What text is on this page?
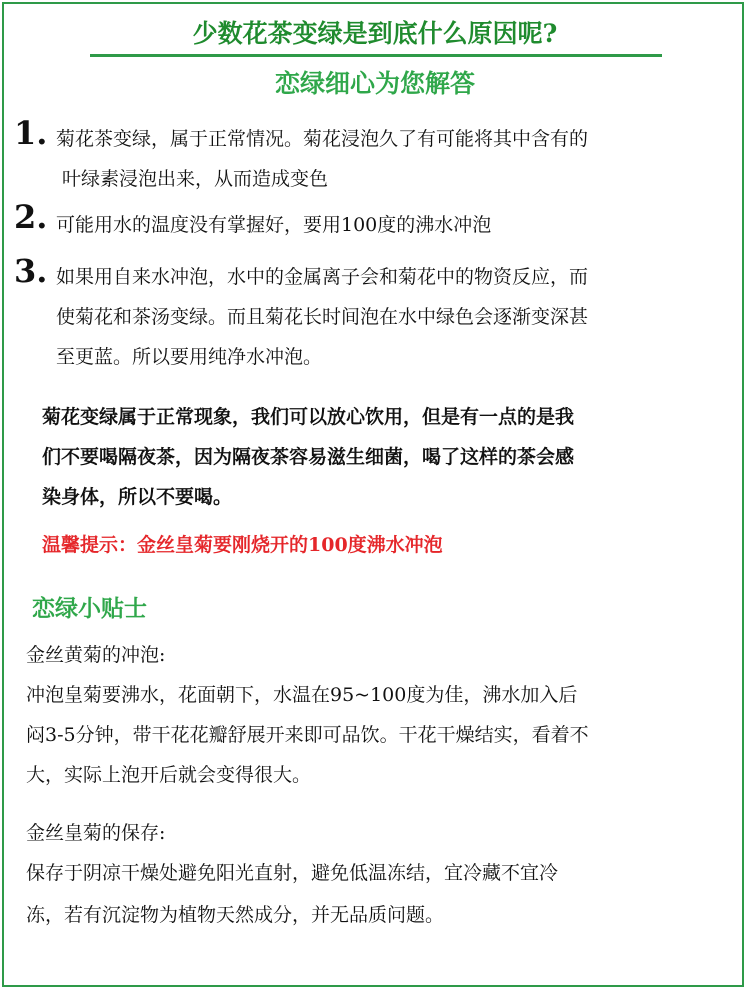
少数花茶变绿是到底什么原因呢?
恋绿细心为您解答
1. 菊花茶变绿，属于正常情况。菊花浸泡久了有可能将其中含有的
叶绿素浸泡出来，从而造成变色
2. 可能用水的温度没有掌握好，要用100度的沸水冲泡
3. 如果用自来水冲泡，水中的金属离子会和菊花中的物资反应，而
使菊花和茶汤变绿。而且菊花长时间泡在水中绿色会逐渐变深甚
至更蓝。所以要用纯净水冲泡。
菊花变绿属于正常现象，我们可以放心饮用，但是有一点的是我
们不要喝隔夜茶，因为隔夜茶容易滋生细菌，喝了这样的茶会感
染身体，所以不要喝。
温馨提示：金丝皇菊要刚烧开的100度沸水冲泡
恋绿小贴士
金丝黄菊的冲泡:
冲泡皇菊要沸水，花面朝下，水温在95~100度为佳，沸水加入后
闷3-5分钟，带干花花瓣舒展开来即可品饮。干花干燥结实，看着不
大，实际上泡开后就会变得很大。
金丝皇菊的保存:
保存于阴凉干燥处避免阳光直射，避免低温冻结，宜冷藏不宜冷
冻，若有沉淀物为植物天然成分，并无品质问题。
